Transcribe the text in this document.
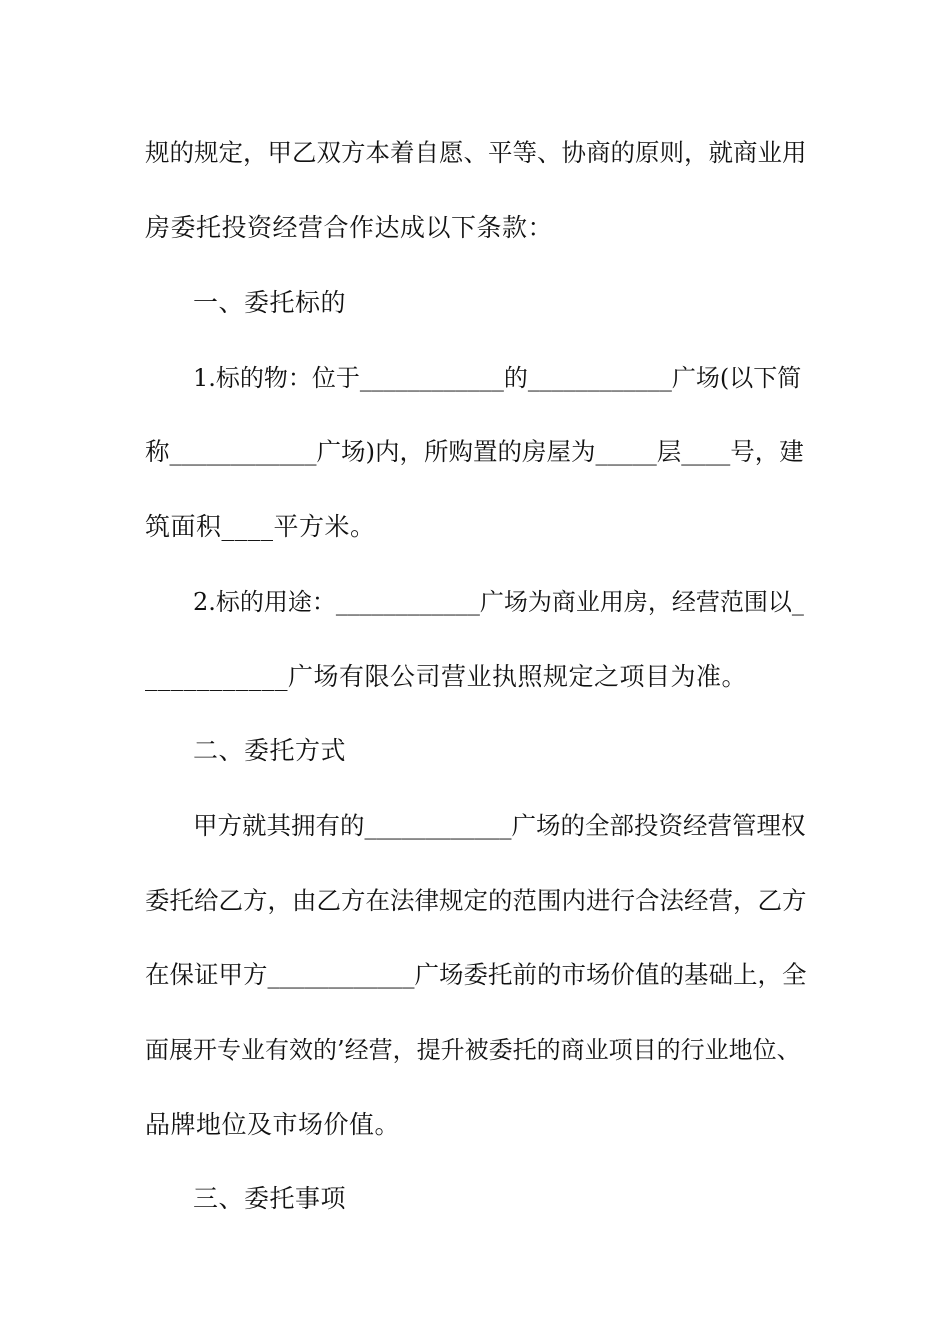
规的规定，甲乙双方本着自愿、平等、协商的原则，就商业用
房委托投资经营合作达成以下条款：
一、委托标的
1.标的物：位于____________的____________广场(以下简
称____________广场)内，所购置的房屋为_____层____号，建
筑面积____平方米。
2.标的用途：____________广场为商业用房，经营范围以_
___________广场有限公司营业执照规定之项目为准。
二、委托方式
甲方就其拥有的____________广场的全部投资经营管理权
委托给乙方，由乙方在法律规定的范围内进行合法经营，乙方
在保证甲方____________广场委托前的市场价值的基础上，全
面展开专业有效的’经营，提升被委托的商业项目的行业地位、
品牌地位及市场价值。
三、委托事项
